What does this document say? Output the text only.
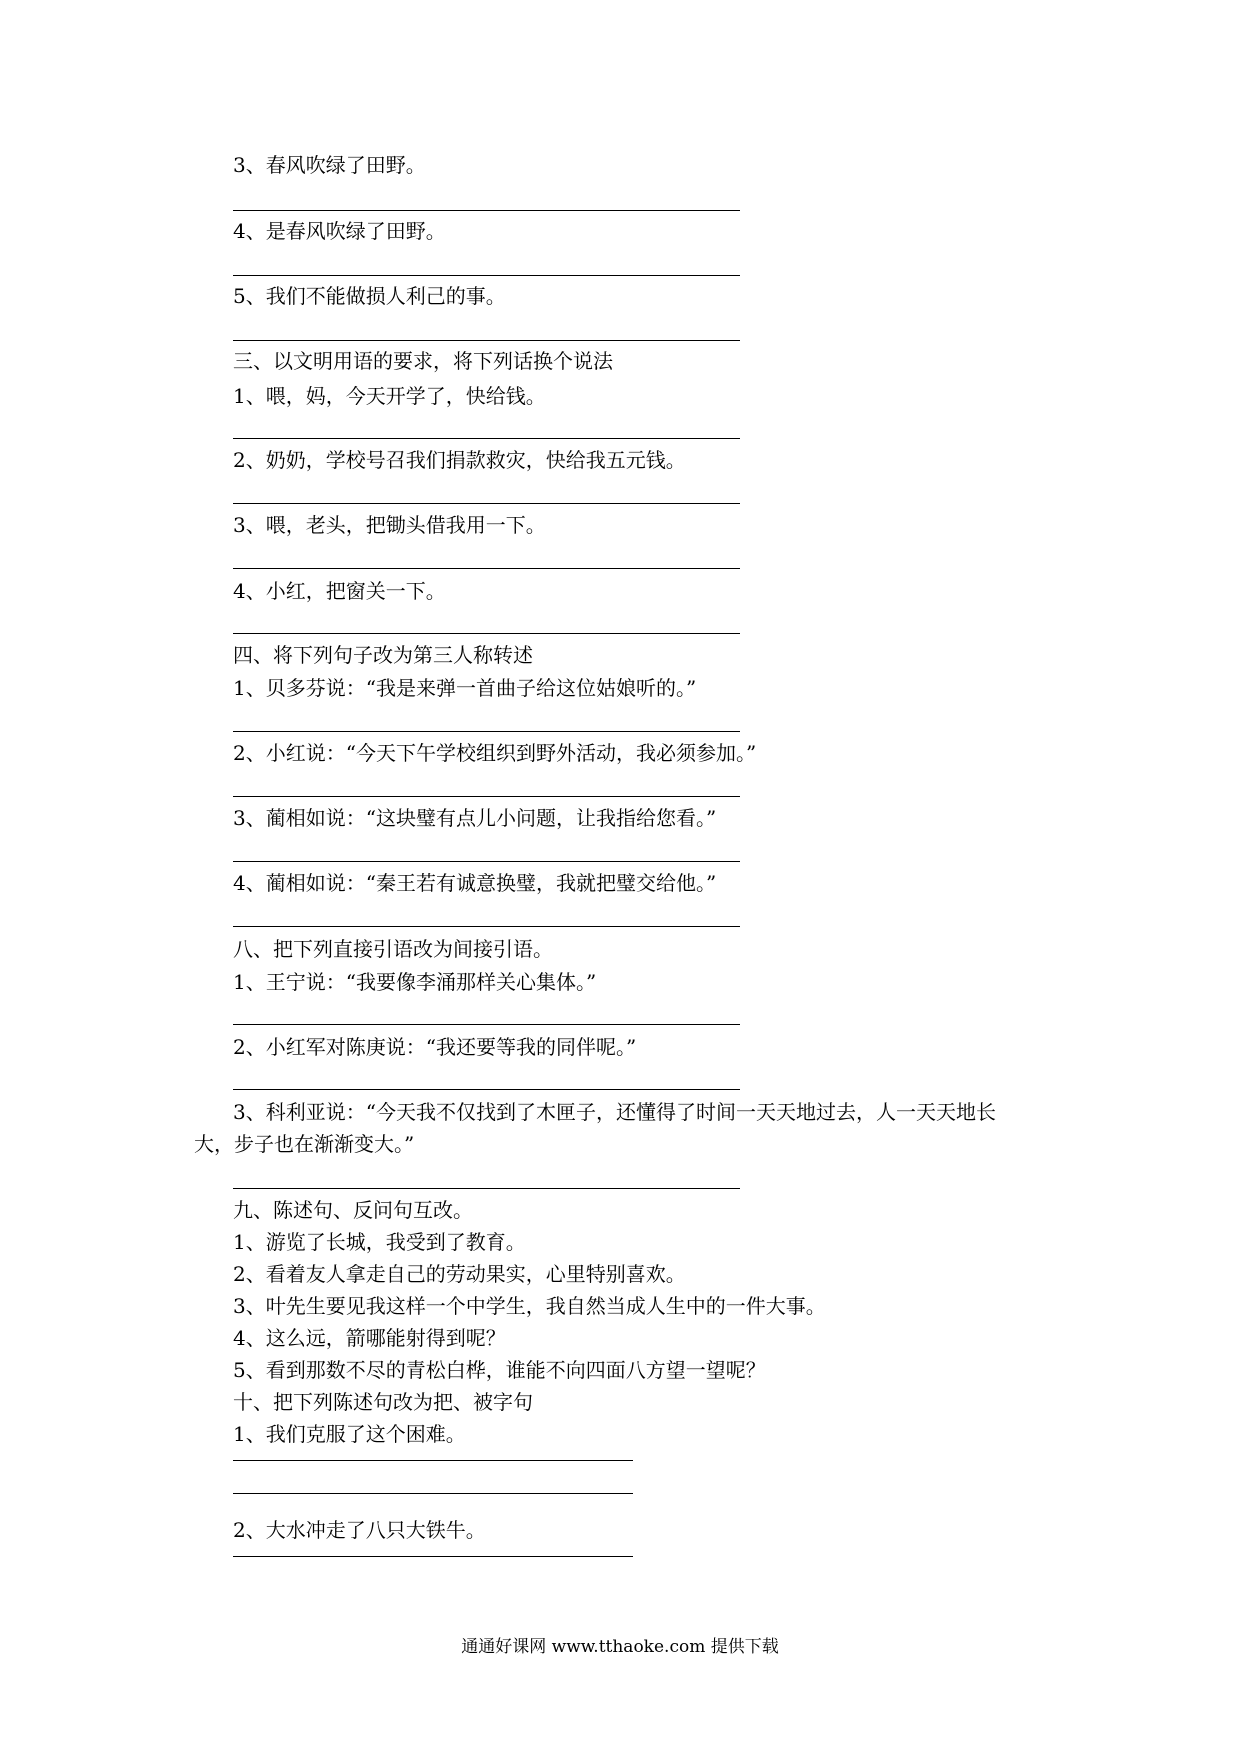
3、春风吹绿了田野。
4、是春风吹绿了田野。
5、我们不能做损人利己的事。
三、以文明用语的要求，将下列话换个说法
1、喂，妈，今天开学了，快给钱。
2、奶奶，学校号召我们捐款救灾，快给我五元钱。
3、喂，老头，把锄头借我用一下。
4、小红，把窗关一下。
四、将下列句子改为第三人称转述
1、贝多芬说：“我是来弹一首曲子给这位姑娘听的。”
2、小红说：“今天下午学校组织到野外活动，我必须参加。”
3、蔺相如说：“这块璧有点儿小问题，让我指给您看。”
4、蔺相如说：“秦王若有诚意换璧，我就把璧交给他。”
八、把下列直接引语改为间接引语。
1、王宁说：“我要像李涌那样关心集体。”
2、小红军对陈庚说：“我还要等我的同伴呢。”
3、科利亚说：“今天我不仅找到了木匣子，还懂得了时间一天天地过去，人一天天地长
大，步子也在渐渐变大。”
九、陈述句、反问句互改。
1、游览了长城，我受到了教育。
2、看着友人拿走自己的劳动果实，心里特别喜欢。
3、叶先生要见我这样一个中学生，我自然当成人生中的一件大事。
4、这么远，箭哪能射得到呢？
5、看到那数不尽的青松白桦，谁能不向四面八方望一望呢？
十、把下列陈述句改为把、被字句
1、我们克服了这个困难。
2、大水冲走了八只大铁牛。
通通好课网 www.tthaoke.com 提供下载
